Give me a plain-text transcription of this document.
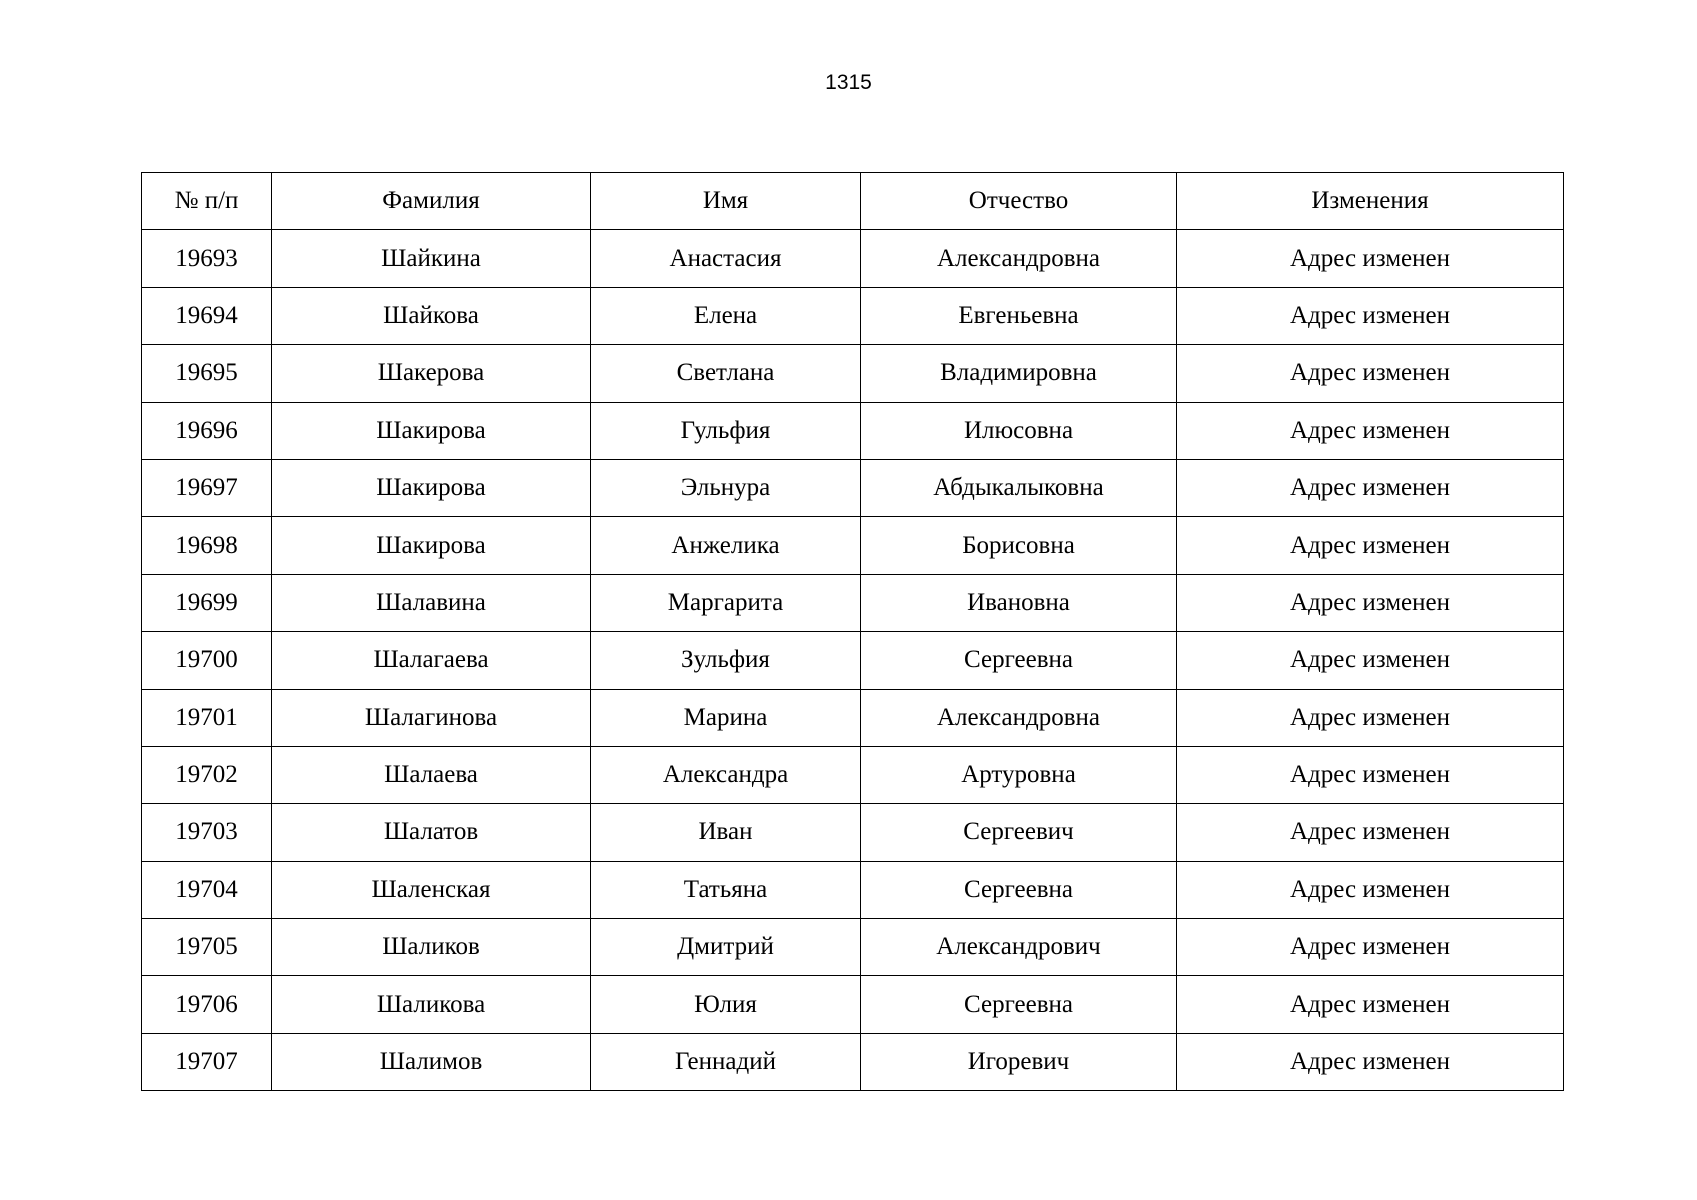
1315
№ п/п	Фамилия	Имя	Отчество	Изменения
19693	Шайкина	Анастасия	Александровна	Адрес изменен
19694	Шайкова	Елена	Евгеньевна	Адрес изменен
19695	Шакерова	Светлана	Владимировна	Адрес изменен
19696	Шакирова	Гульфия	Илюсовна	Адрес изменен
19697	Шакирова	Эльнура	Абдыкалыковна	Адрес изменен
19698	Шакирова	Анжелика	Борисовна	Адрес изменен
19699	Шалавина	Маргарита	Ивановна	Адрес изменен
19700	Шалагаева	Зульфия	Сергеевна	Адрес изменен
19701	Шалагинова	Марина	Александровна	Адрес изменен
19702	Шалаева	Александра	Артуровна	Адрес изменен
19703	Шалатов	Иван	Сергеевич	Адрес изменен
19704	Шаленская	Татьяна	Сергеевна	Адрес изменен
19705	Шаликов	Дмитрий	Александрович	Адрес изменен
19706	Шаликова	Юлия	Сергеевна	Адрес изменен
19707	Шалимов	Геннадий	Игоревич	Адрес изменен
